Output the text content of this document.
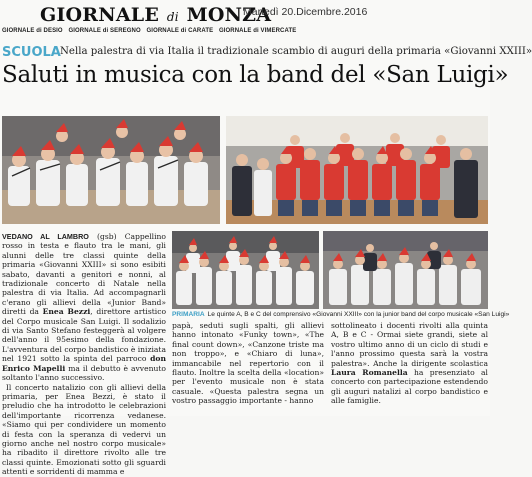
GIORNALE di MONZA
GIORNALE di DESIO GIORNALE di SEREGNO GIORNALE di CARATE GIORNALE di VIMERCATE
Martedì 20.Dicembre.2016
SCUOLA Nella palestra di via Italia il tradizionale scambio di auguri della primaria «Giovanni XXIII»
Saluti in musica con la band del «San Luigi»
VEDANO AL LAMBRO (gsb) Cappellino rosso in testa e flauto tra le mani, gli alunni delle tre classi quinte della primaria «Giovanni XXIII» si sono esibiti sabato, davanti a genitori e nonni, al tradizionale concerto di Natale nella palestra di via Italia. Ad accompagnarli c'erano gli allievi della «Junior Band» diretti da Enea Bezzi, direttore artistico del Corpo musicale San Luigi. Il sodalizio di via Santo Stefano festeggerà al volgere dell'anno il 95esimo della fondazione. L'avventura del corpo bandistico è iniziata nel 1921 sotto la spinta del parroco don Enrico Mapelli ma il debutto è avvenuto soltanto l'anno successivo.
Il concerto natalizio con gli allievi della primaria, per Enea Bezzi, è stato il preludio che ha introdotto le celebrazioni dell'importante ricorrenza vedanese. «Siamo qui per condividere un momento di festa con la speranza di vedervi un giorno anche nel nostro corpo musicale» ha ribadito il direttore rivolto alle tre classi quinte. Emozionati sotto gli sguardi attenti e sorridenti di mamma e
PRIMARIA Le quinte A, B e C del comprensivo «Giovanni XXIII» con la junior band del corpo musicale «San Luigi»
papà, seduti sugli spalti, gli allievi hanno intonato «Funky town», «The final count down», «Canzone triste ma non troppo», e «Chiaro di luna», immancabile nel repertorio con il flauto. Inoltre la scelta della «location» per l'evento musicale non è stata casuale. «Questa palestra segna un vostro passaggio importante - hanno
sottolineato i docenti rivolti alla quinta A, B e C - Ormai siete grandi, siete al vostro ultimo anno di un ciclo di studi e l'anno prossimo questa sarà la vostra palestra». Anche la dirigente scolastica Laura Romanella ha presenziato al concerto con partecipazione estendendo gli auguri natalizi al corpo bandistico e alle famiglie.
